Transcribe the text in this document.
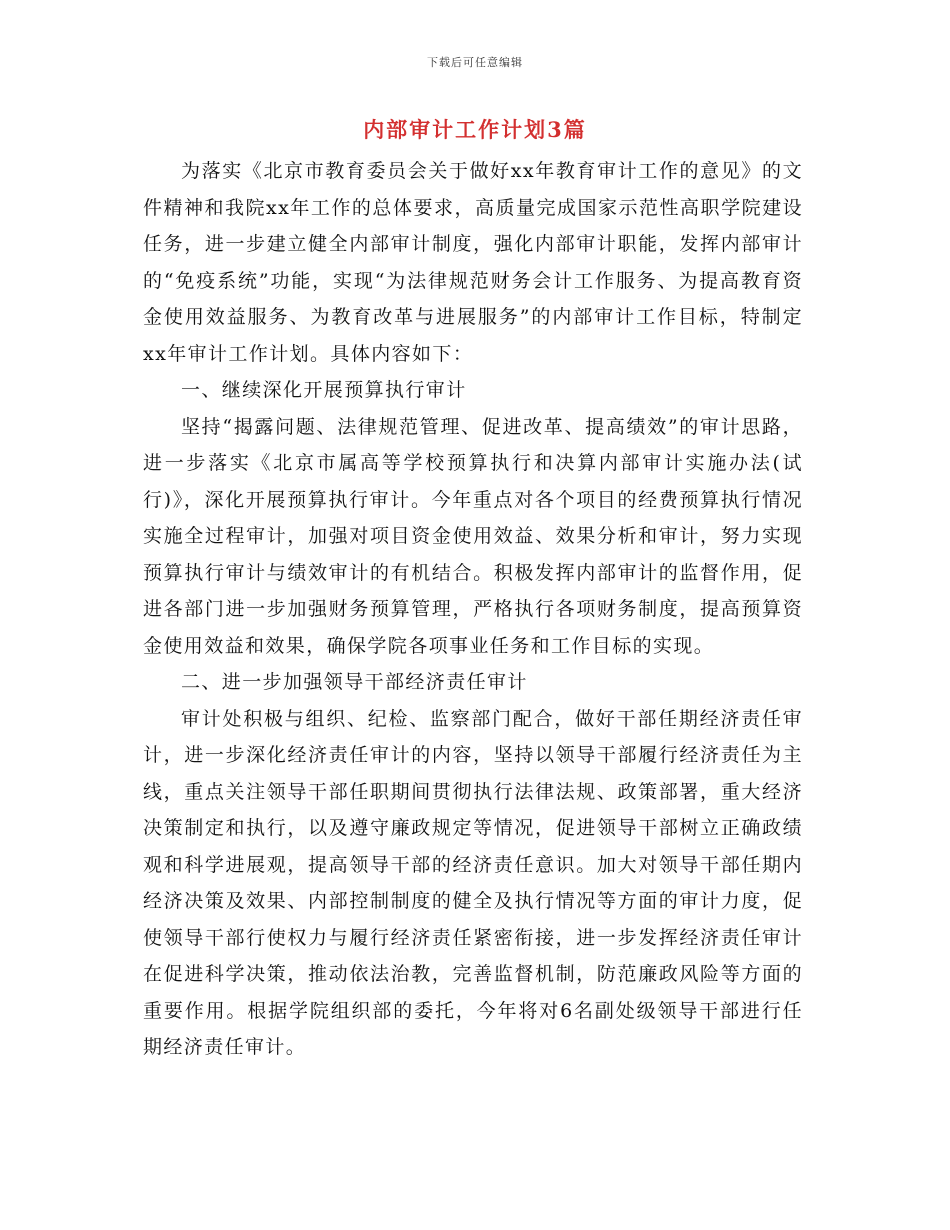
下载后可任意编辑
内部审计工作计划3篇

为落实《北京市教育委员会关于做好xx年教育审计工作的意见》的文件精神和我院xx年工作的总体要求，高质量完成国家示范性高职学院建设任务，进一步建立健全内部审计制度，强化内部审计职能，发挥内部审计的“免疫系统”功能，实现“为法律规范财务会计工作服务、为提高教育资金使用效益服务、为教育改革与进展服务”的内部审计工作目标，特制定xx年审计工作计划。具体内容如下：

一、继续深化开展预算执行审计

坚持“揭露问题、法律规范管理、促进改革、提高绩效”的审计思路，进一步落实《北京市属高等学校预算执行和决算内部审计实施办法(试行)》，深化开展预算执行审计。今年重点对各个项目的经费预算执行情况实施全过程审计，加强对项目资金使用效益、效果分析和审计，努力实现预算执行审计与绩效审计的有机结合。积极发挥内部审计的监督作用，促进各部门进一步加强财务预算管理，严格执行各项财务制度，提高预算资金使用效益和效果，确保学院各项事业任务和工作目标的实现。

二、进一步加强领导干部经济责任审计

审计处积极与组织、纪检、监察部门配合，做好干部任期经济责任审计，进一步深化经济责任审计的内容，坚持以领导干部履行经济责任为主线，重点关注领导干部任职期间贯彻执行法律法规、政策部署，重大经济决策制定和执行，以及遵守廉政规定等情况，促进领导干部树立正确政绩观和科学进展观，提高领导干部的经济责任意识。加大对领导干部任期内经济决策及效果、内部控制制度的健全及执行情况等方面的审计力度，促使领导干部行使权力与履行经济责任紧密衔接，进一步发挥经济责任审计在促进科学决策，推动依法治教，完善监督机制，防范廉政风险等方面的重要作用。根据学院组织部的委托，今年将对6名副处级领导干部进行任期经济责任审计。
